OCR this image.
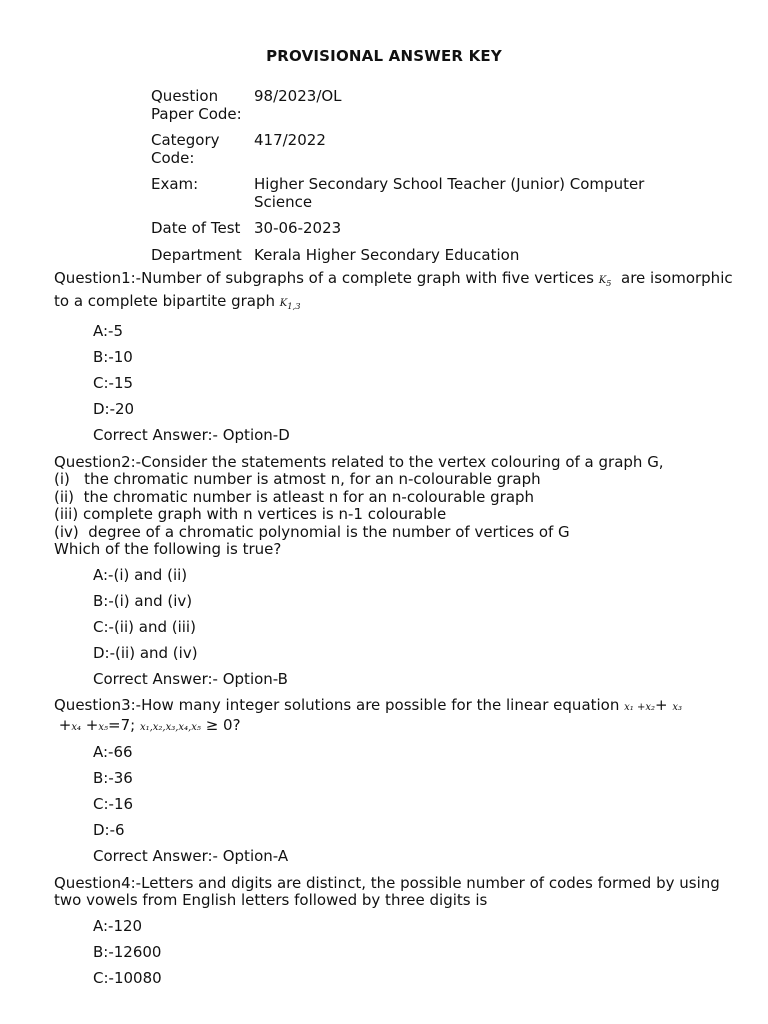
PROVISIONAL ANSWER KEY
Question Paper Code:	98/2023/OL
Category Code:	417/2022
Exam:	Higher Secondary School Teacher (Junior) Computer Science
Date of Test	30-06-2023
Department	Kerala Higher Secondary Education
Question1:-Number of subgraphs of a complete graph with five vertices $K_5$  are isomorphic to a complete bipartite graph $K_{1,3}$
A:-5
B:-10
C:-15
D:-20
Correct Answer:- Option-D
Question2:-Consider the statements related to the vertex colouring of a graph G,
(i)   the chromatic number is atmost n, for an n-colourable graph
(ii)  the chromatic number is atleast n for an n-colourable graph
(iii) complete graph with n vertices is n-1 colourable
(iv)  degree of a chromatic polynomial is the number of vertices of G
Which of the following is true?
A:-(i) and (ii)
B:-(i) and (iv)
C:-(ii) and (iii)
D:-(ii) and (iv)
Correct Answer:- Option-B
Question3:-How many integer solutions are possible for the linear equation x₁ +x₂+ x₃
+x₄ +x₅=7; x₁,x₂,x₃,x₄,x₅ ≥ 0?
A:-66
B:-36
C:-16
D:-6
Correct Answer:- Option-A
Question4:-Letters and digits are distinct, the possible number of codes formed by using two vowels from English letters followed by three digits is
A:-120
B:-12600
C:-10080
